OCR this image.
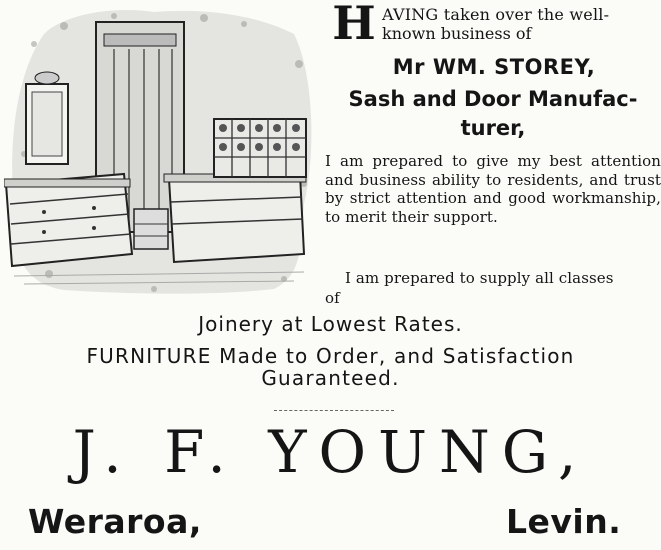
H AVING taken over the well-
known business of
Mr WM. STOREY,
Sash and Door Manufac-
turer,
I am prepared to give my best attention and business ability to residents, and trust by strict attention and good workmanship, to merit their support.
I am prepared to supply all classes
of
Joinery at Lowest Rates.
FURNITURE Made to Order, and Satisfaction
Guaranteed.
J. F. YOUNG,
Weraroa,	Levin.
